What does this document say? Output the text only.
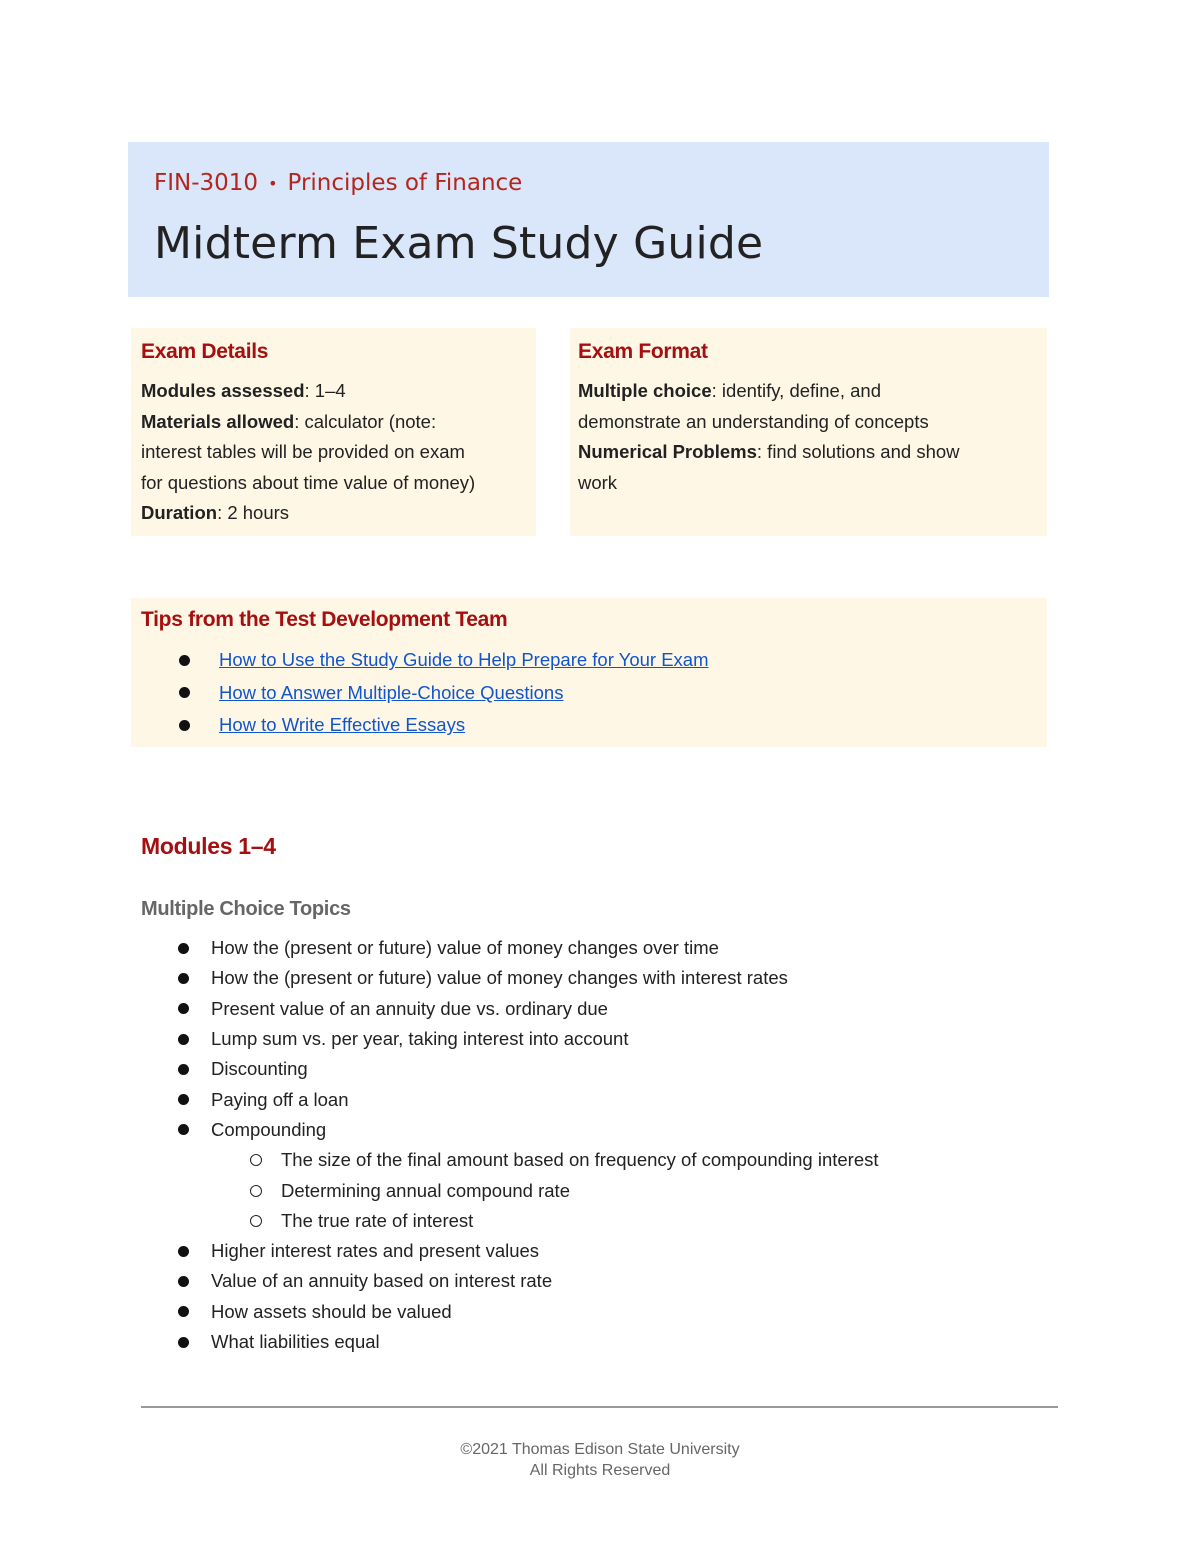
FIN-3010 • Principles of Finance
Midterm Exam Study Guide
Exam Details
Modules assessed: 1–4
Materials allowed: calculator (note:
interest tables will be provided on exam
for questions about time value of money)
Duration: 2 hours
Exam Format
Multiple choice: identify, define, and
demonstrate an understanding of concepts
Numerical Problems: find solutions and show
work
Tips from the Test Development Team
How to Use the Study Guide to Help Prepare for Your Exam
How to Answer Multiple-Choice Questions
How to Write Effective Essays
Modules 1–4
Multiple Choice Topics
How the (present or future) value of money changes over time
How the (present or future) value of money changes with interest rates
Present value of an annuity due vs. ordinary due
Lump sum vs. per year, taking interest into account
Discounting
Paying off a loan
Compounding
The size of the final amount based on frequency of compounding interest
Determining annual compound rate
The true rate of interest
Higher interest rates and present values
Value of an annuity based on interest rate
How assets should be valued
What liabilities equal
©2021 Thomas Edison State University
All Rights Reserved
